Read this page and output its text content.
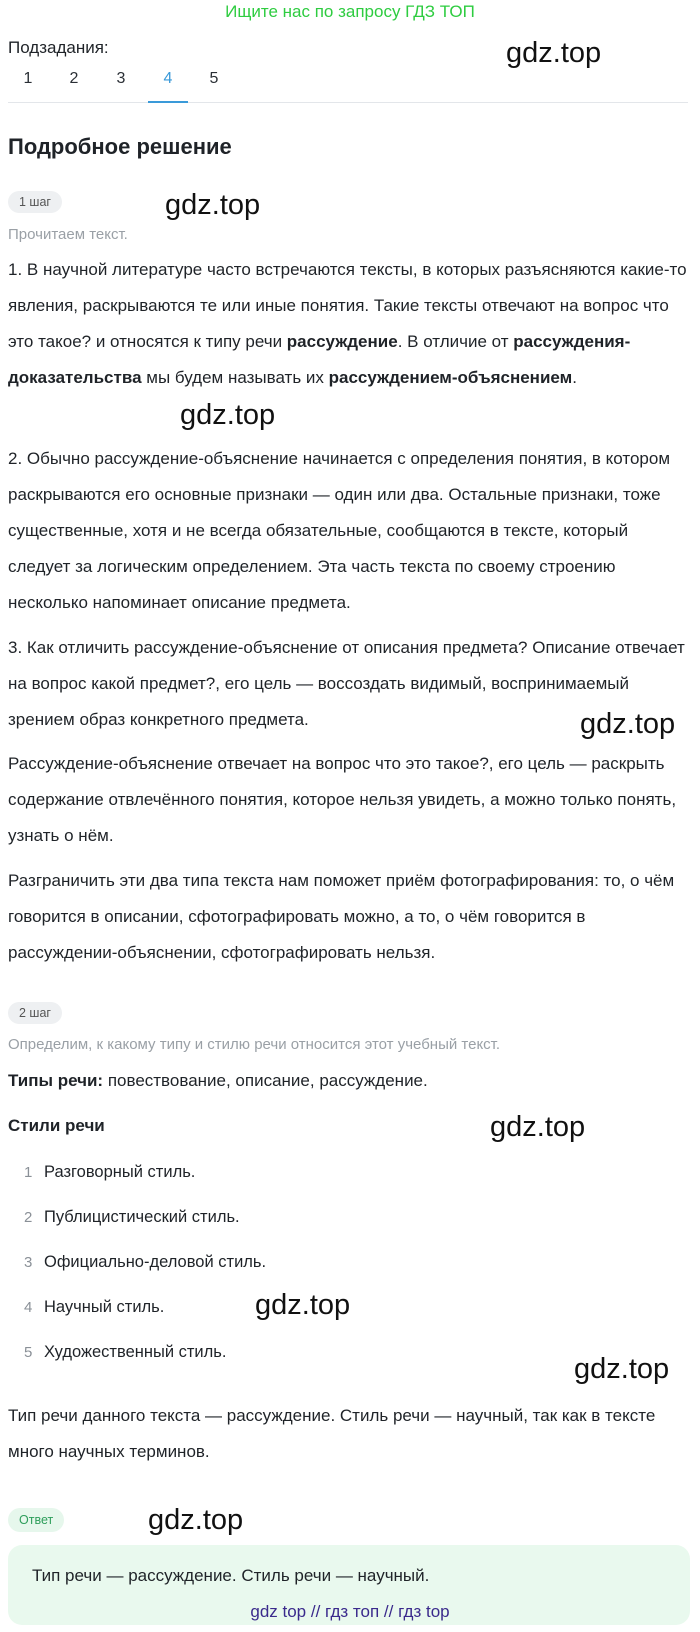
Ищите нас по запросу ГДЗ ТОП
Подзадания:
1	2	3	4	5
gdz.top
Подробное решение
1 шаг	gdz.top
Прочитаем текст.
1. В научной литературе часто встречаются тексты, в которых разъясняются какие-то явления, раскрываются те или иные понятия. Такие тексты отвечают на вопрос что это такое? и относятся к типу речи рассуждение. В отличие от рассуждения-доказательства мы будем называть их рассуждением-объяснением.
gdz.top
2. Обычно рассуждение-объяснение начинается с определения понятия, в котором раскрываются его основные признаки — один или два. Остальные признаки, тоже существенные, хотя и не всегда обязательные, сообщаются в тексте, который следует за логическим определением. Эта часть текста по своему строению несколько напоминает описание предмета.
3. Как отличить рассуждение-объяснение от описания предмета? Описание отвечает на вопрос какой предмет?, его цель — воссоздать видимый, воспринимаемый зрением образ конкретного предмета.	gdz.top
Рассуждение-объяснение отвечает на вопрос что это такое?, его цель — раскрыть содержание отвлечённого понятия, которое нельзя увидеть, а можно только понять, узнать о нём.
Разграничить эти два типа текста нам поможет приём фотографирования: то, о чём говорится в описании, сфотографировать можно, а то, о чём говорится в рассуждении-объяснении, сфотографировать нельзя.
2 шаг
Определим, к какому типу и стилю речи относится этот учебный текст.
Типы речи: повествование, описание, рассуждение.
Стили речи	gdz.top
1 Разговорный стиль.
2 Публицистический стиль.
3 Официально-деловой стиль.
4 Научный стиль.	gdz.top
5 Художественный стиль.
gdz.top
Тип речи данного текста — рассуждение. Стиль речи — научный, так как в тексте много научных терминов.
Ответ	gdz.top
Тип речи — рассуждение. Стиль речи — научный.
gdz top // гдз топ // гдз top
